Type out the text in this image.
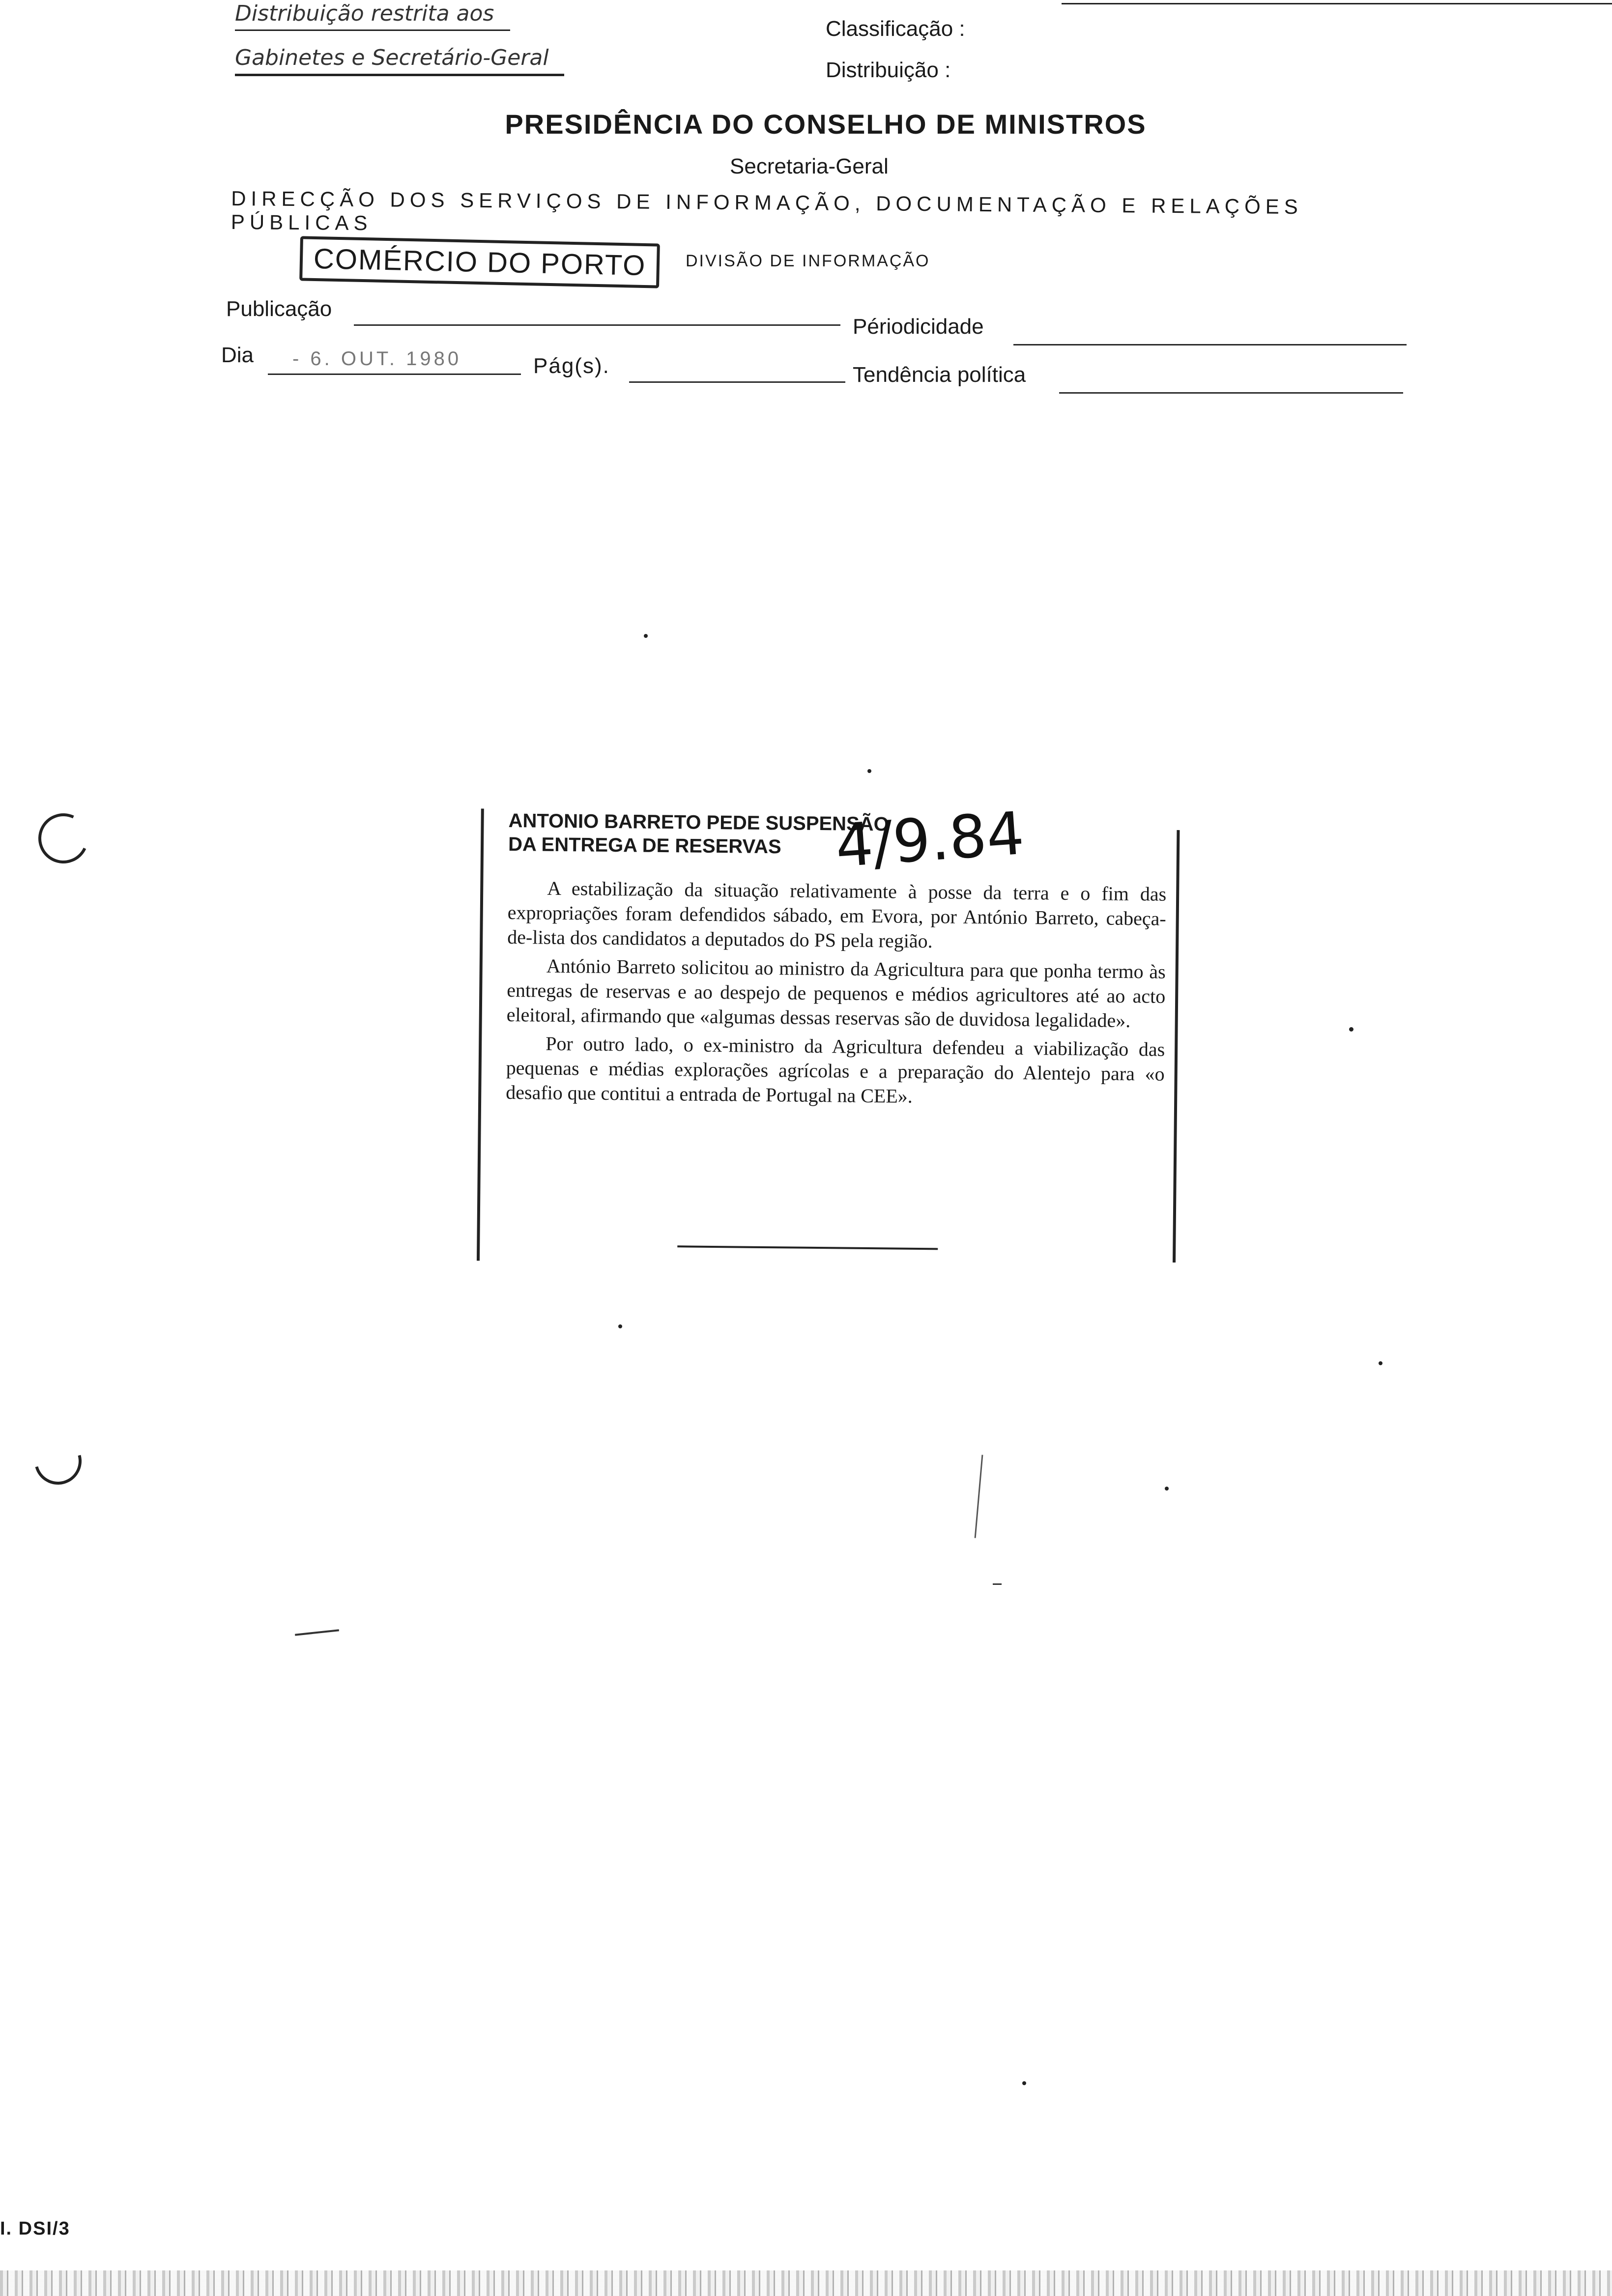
Distribuição restrita aos
Gabinetes e Secretário-Geral
Classificação :
Distribuição :
PRESIDÊNCIA DO CONSELHO DE MINISTROS
Secretaria-Geral
DIRECÇÃO DOS SERVIÇOS DE INFORMAÇÃO, DOCUMENTAÇÃO E RELAÇÕES PÚBLICAS
COMÉRCIO DO PORTO	DIVISÃO DE INFORMAÇÃO
Publicação
Périodicidade
Dia - 6. OUT. 1980	Pág(s).	Tendência política
ANTONIO BARRETO PEDE SUSPENSÃO
DA ENTREGA DE RESERVAS

A estabilização da situação relativamente à posse da terra e o fim das expropriações foram defendidos sábado, em Evora, por António Barreto, cabeça-de-lista dos candidatos a deputados do PS pela região.

António Barreto solicitou ao ministro da Agricultura para que ponha termo às entregas de reservas e ao despejo de pequenos e médios agricultores até ao acto eleitoral, afirmando que «algumas dessas reservas são de duvidosa legalidade».

Por outro lado, o ex-ministro da Agricultura defendeu a viabilização das pequenas e médias explorações agrícolas e a preparação do Alentejo para «o desafio que contitui a entrada de Portugal na CEE».

4/9.84
I. DSI/3
